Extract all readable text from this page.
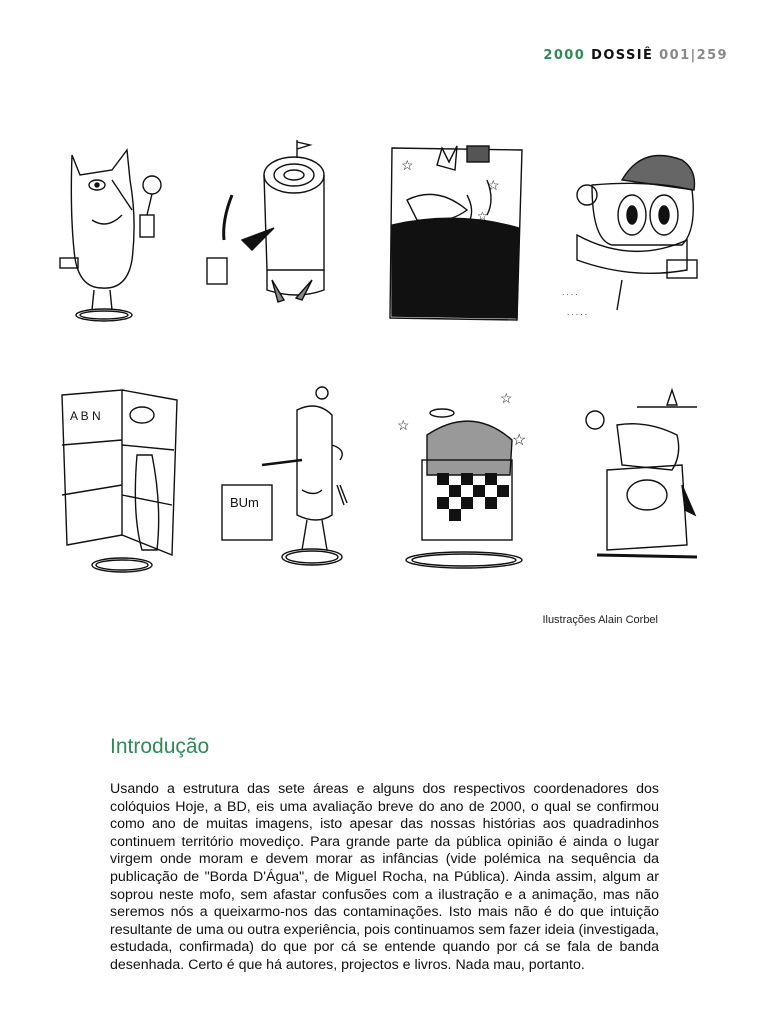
2000 DOSSIÊ 001|259
☆
☆
☆
. . . .
. . . . .
A B N
BUm
☆
☆
☆
Ilustrações Alain Corbel
Introdução

Usando a estrutura das sete áreas e alguns dos respectivos coordenadores dos colóquios Hoje, a BD, eis uma avaliação breve do ano de 2000, o qual se confirmou como ano de muitas imagens, isto apesar das nossas histórias aos quadradinhos continuem território movediço. Para grande parte da pública opinião é ainda o lugar virgem onde moram e devem morar as infâncias (vide polémica na sequência da publicação de "Borda D'Água", de Miguel Rocha, na Pública). Ainda assim, algum ar soprou neste mofo, sem afastar confusões com a ilustração e a animação, mas não seremos nós a queixarmo-nos das contaminações. Isto mais não é do que intuição resultante de uma ou outra experiência, pois continuamos sem fazer ideia (investigada, estudada, confirmada) do que por cá se entende quando por cá se fala de banda desenhada. Certo é que há autores, projectos e livros. Nada mau, portanto.
